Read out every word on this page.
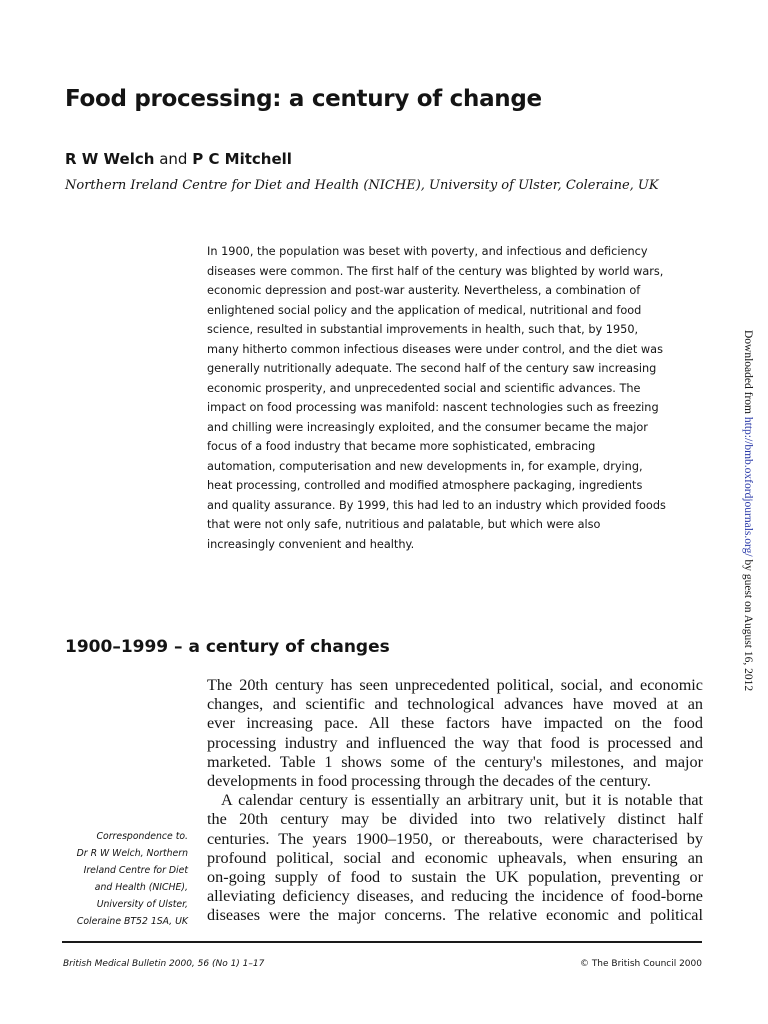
Food processing: a century of change

R W Welch and P C Mitchell

Northern Ireland Centre for Diet and Health (NICHE), University of Ulster, Coleraine, UK

In 1900, the population was beset with poverty, and infectious and deficiency
diseases were common. The first half of the century was blighted by world wars,
economic depression and post-war austerity. Nevertheless, a combination of
enlightened social policy and the application of medical, nutritional and food
science, resulted in substantial improvements in health, such that, by 1950,
many hitherto common infectious diseases were under control, and the diet was
generally nutritionally adequate. The second half of the century saw increasing
economic prosperity, and unprecedented social and scientific advances. The
impact on food processing was manifold: nascent technologies such as freezing
and chilling were increasingly exploited, and the consumer became the major
focus of a food industry that became more sophisticated, embracing
automation, computerisation and new developments in, for example, drying,
heat processing, controlled and modified atmosphere packaging, ingredients
and quality assurance. By 1999, this had led to an industry which provided foods
that were not only safe, nutritious and palatable, but which were also
increasingly convenient and healthy.
1900–1999 – a century of changes
The 20th century has seen unprecedented political, social, and economic
changes, and scientific and technological advances have moved at an
ever increasing pace. All these factors have impacted on the food
processing industry and influenced the way that food is processed and
marketed. Table 1 shows some of the century's milestones, and major
developments in food processing through the decades of the century.
A calendar century is essentially an arbitrary unit, but it is notable that
the 20th century may be divided into two relatively distinct half
centuries. The years 1900–1950, or thereabouts, were characterised by
profound political, social and economic upheavals, when ensuring an
on-going supply of food to sustain the UK population, preventing or
alleviating deficiency diseases, and reducing the incidence of food-borne
diseases were the major concerns. The relative economic and political
Correspondence to.
Dr R W Welch, Northern
Ireland Centre for Diet
and Health (NICHE),
University of Ulster,
Coleraine BT52 1SA, UK

British Medical Bulletin 2000, 56 (No 1) 1–17	© The British Council 2000

Downloaded from http://bmb.oxfordjournals.org/ by guest on August 16, 2012
